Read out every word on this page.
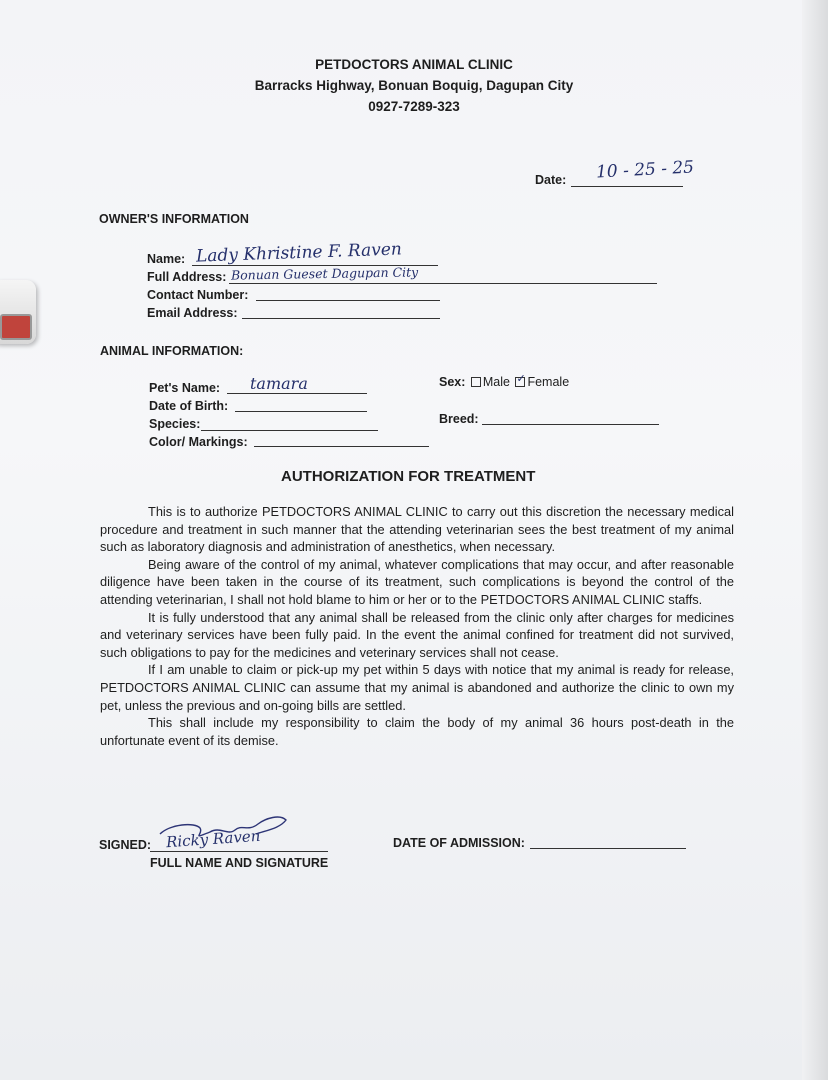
PETDOCTORS ANIMAL CLINIC
Barracks Highway, Bonuan Boquig, Dagupan City
0927-7289-323
Date: 10 - 25 - 25
OWNER'S INFORMATION
Name: Lady Khristine F. Raven
Full Address: Bonuan Gueset Dagupan City
Contact Number:
Email Address:
ANIMAL INFORMATION:
Pet's Name: tamara
Date of Birth:
Species:
Color/ Markings:
Sex: Male ✓ Female
Breed:
AUTHORIZATION FOR TREATMENT

This is to authorize PETDOCTORS ANIMAL CLINIC to carry out this discretion the necessary medical procedure and treatment in such manner that the attending veterinarian sees the best treatment of my animal such as laboratory diagnosis and administration of anesthetics, when necessary.

Being aware of the control of my animal, whatever complications that may occur, and after reasonable diligence have been taken in the course of its treatment, such complications is beyond the control of the attending veterinarian, I shall not hold blame to him or her or to the PETDOCTORS ANIMAL CLINIC staffs.

It is fully understood that any animal shall be released from the clinic only after charges for medicines and veterinary services have been fully paid. In the event the animal confined for treatment did not survived, such obligations to pay for the medicines and veterinary services shall not cease.

If I am unable to claim or pick-up my pet within 5 days with notice that my animal is ready for release, PETDOCTORS ANIMAL CLINIC can assume that my animal is abandoned and authorize the clinic to own my pet, unless the previous and on-going bills are settled.

This shall include my responsibility to claim the body of my animal 36 hours post-death in the unfortunate event of its demise.

SIGNED: Ricky Raven
FULL NAME AND SIGNATURE
DATE OF ADMISSION:
